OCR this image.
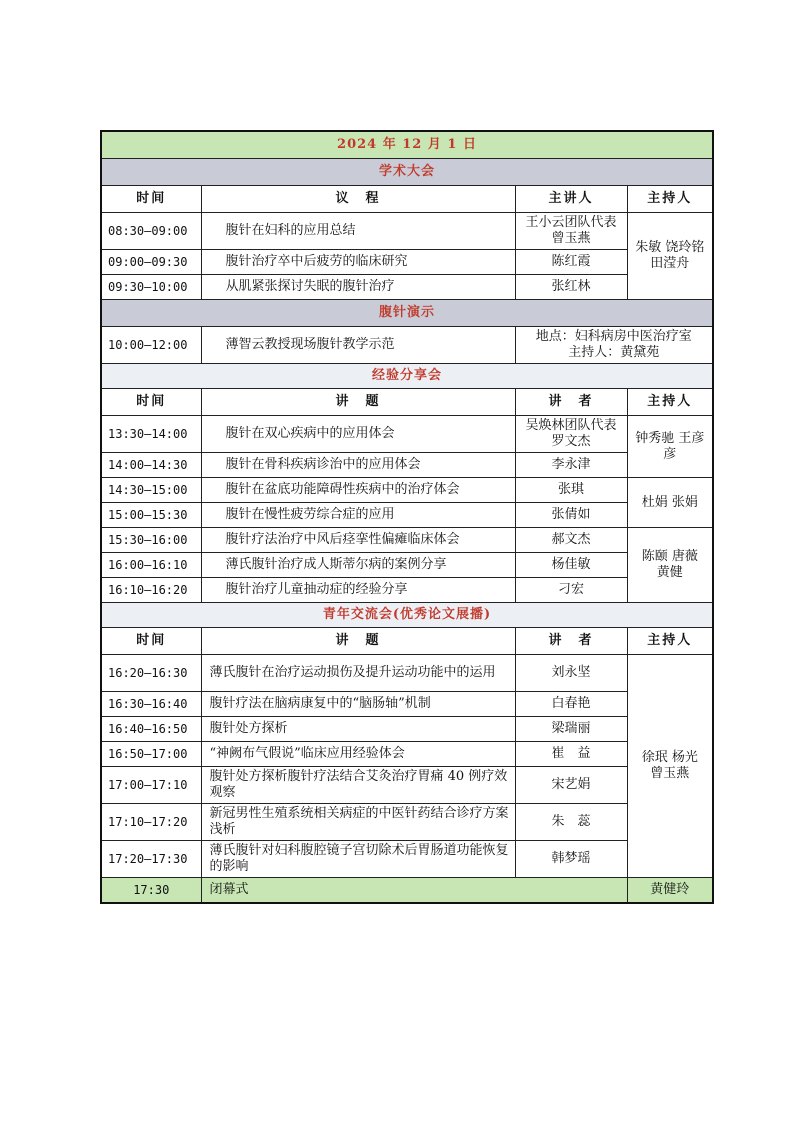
2024 年 12 月 1 日			
学术大会			
时间	议　程	主讲人	主持人
08:30—09:00	腹针在妇科的应用总结	王小云团队代表 曾玉燕	朱敏 饶玲铭 田滢舟
09:00—09:30	腹针治疗卒中后疲劳的临床研究	陈红霞	
09:30—10:00	从肌紧张探讨失眠的腹针治疗	张红林	
腹针演示			
10:00—12:00	薄智云教授现场腹针教学示范	地点：妇科病房中医治疗室
主持人：黄黛苑	

经验分享会			
时间	讲　题	讲　者	主持人
13:30—14:00	腹针在双心疾病中的应用体会	吴焕林团队代表 罗文杰	钟秀驰 王彦彦
14:00—14:30	腹针在骨科疾病诊治中的应用体会	李永津	
14:30—15:00	腹针在盆底功能障碍性疾病中的治疗体会	张琪	杜娟 张娟
15:00—15:30	腹针在慢性疲劳综合症的应用	张倩如	
15:30—16:00	腹针疗法治疗中风后痉挛性偏瘫临床体会	郝文杰	陈颐 唐薇 黄健
16:00—16:10	薄氏腹针治疗成人斯蒂尔病的案例分享	杨佳敏	
16:10—16:20	腹针治疗儿童抽动症的经验分享	刁宏	
青年交流会(优秀论文展播)			
时间	讲　题	讲　者	主持人
16:20—16:30	薄氏腹针在治疗运动损伤及提升运动功能中的运用	刘永坚	徐珉 杨光 曾玉燕
16:30—16:40	腹针疗法在脑病康复中的“脑肠轴”机制	白春艳	
16:40—16:50	腹针处方探析	梁瑞丽	
16:50—17:00	“神阙布气假说”临床应用经验体会	崔　益	
17:00—17:10	腹针处方探析腹针疗法结合艾灸治疗胃痛 40 例疗效观察	宋艺娟	
17:10—17:20	新冠男性生殖系统相关病症的中医针药结合诊疗方案浅析	朱　蕊	
17:20—17:30	薄氏腹针对妇科腹腔镜子宫切除术后胃肠道功能恢复的影响	韩梦瑶	
17:30	闭幕式		黄健玲
